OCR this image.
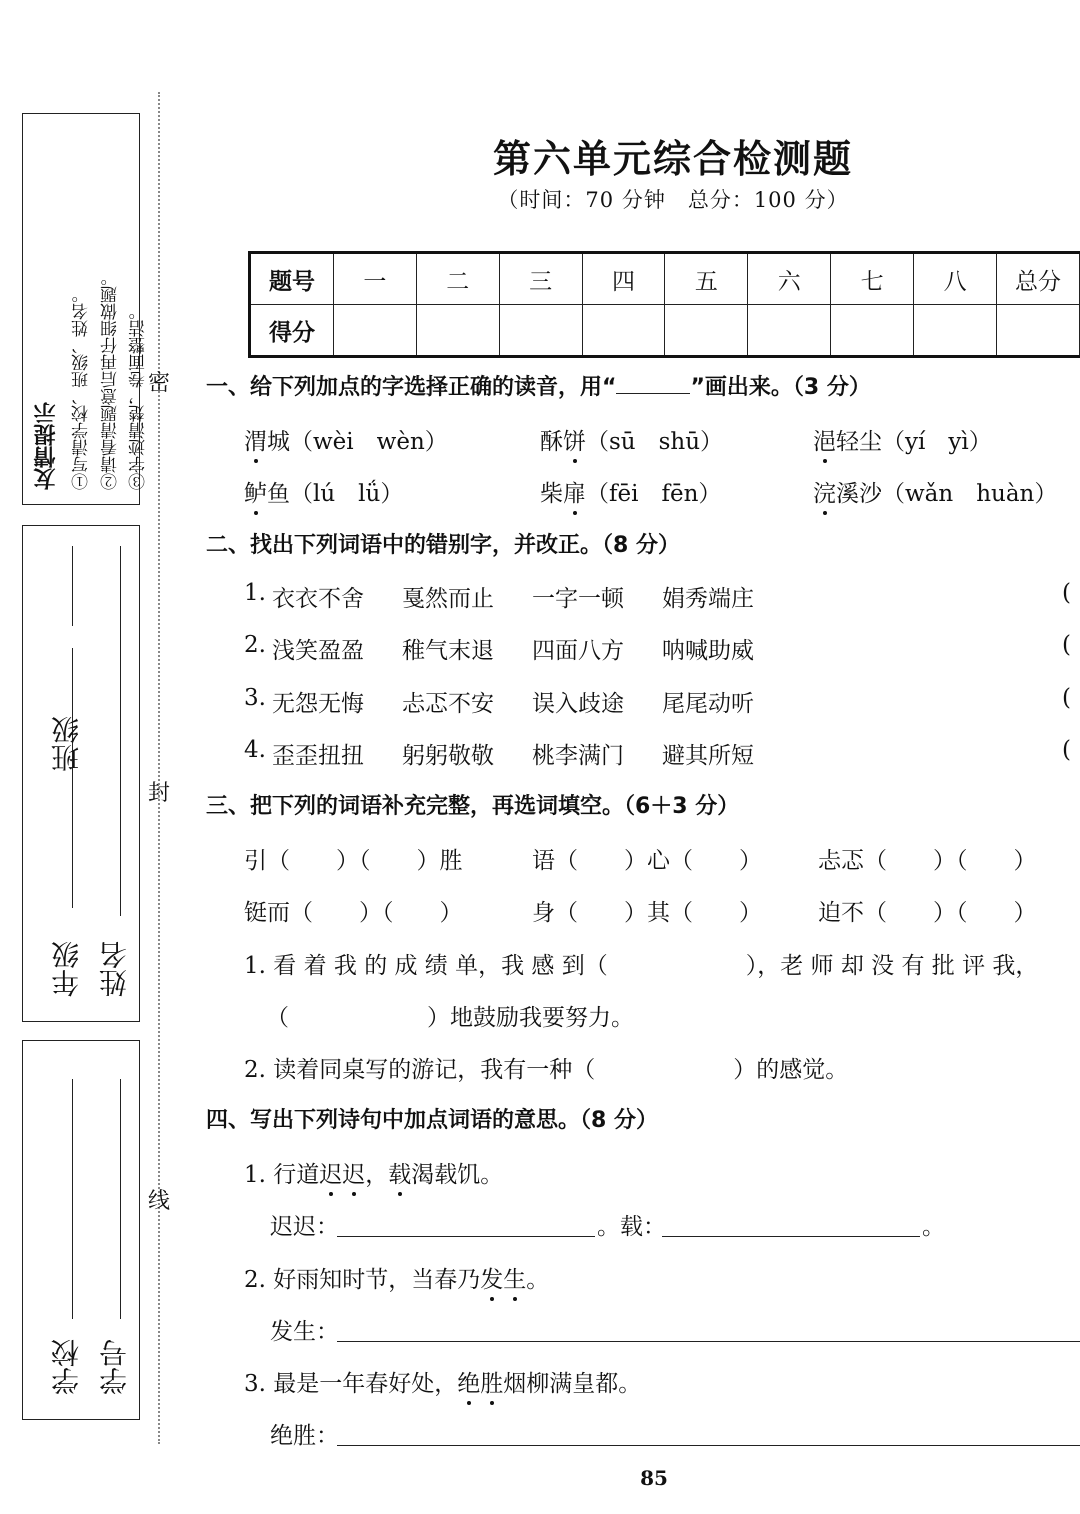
友情提示 ①写清学校、班级、姓名。 ②请看清题意后再仔细做题。 ③字迹清楚，卷面整洁。
年级
班级
姓名
学校 学号
密
封
线
第六单元综合检测题
（时间：70 分钟　总分：100 分）
题号	一	二	三	四	五	六	七	八	总分
得分									
一、给下列加点的字选择正确的读音，用“	”画出来。（3 分）
渭城（wèi　wèn）	酥饼（sū　shū）	浥轻尘（yí　yì）
鲈鱼（lú　lǘ）	柴扉（fēi　fēn）	浣溪沙（wǎn　huàn）
二、找出下列词语中的错别字，并改正。（8 分）
1. 衣衣不舍 戛然而止 一字一顿 娟秀端庄	(
2. 浅笑盈盈 稚气末退 四面八方 呐喊助威	(
3. 无怨无悔 忐忑不安 误入歧途 尾尾动听	(
4. 歪歪扭扭 躬躬敬敬 桃李满门 避其所短	(
三、把下列的词语补充完整，再选词填空。（6＋3 分）
引（　　）（　　）胜	语（　　）心（　　） 忐忑（　　）（　　）
铤而（　　）（　　）	身（　　）其（　　） 迫不（　　）（　　）
1. 看 着 我 的 成 绩 单，我 感 到（　　　　　　），老 师 却 没 有 批 评 我，
（　　　　　　）地鼓励我要努力。
2. 读着同桌写的游记，我有一种（　　　　　　）的感觉。
四、写出下列诗句中加点词语的意思。（8 分）
1. 行道迟迟，载渴载饥。
迟迟：	。载：	。
2. 好雨知时节，当春乃发生。
发生：
3. 最是一年春好处，绝胜烟柳满皇都。
绝胜：
85
